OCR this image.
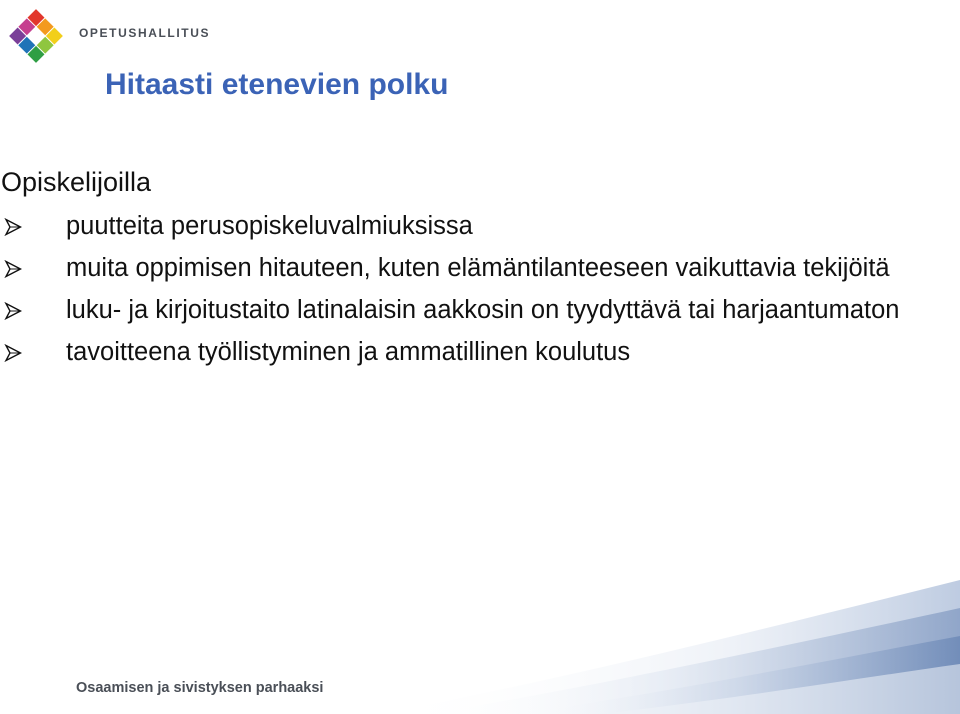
OPETUSHALLITUS
Hitaasti etenevien polku
Opiskelijoilla
puutteita perusopiskeluvalmiuksissa
muita oppimisen hitauteen, kuten elämäntilanteeseen vaikuttavia tekijöitä
luku- ja kirjoitustaito latinalaisin aakkosin on tyydyttävä tai harjaantumaton
tavoitteena työllistyminen ja ammatillinen koulutus
Osaamisen ja sivistyksen parhaaksi
